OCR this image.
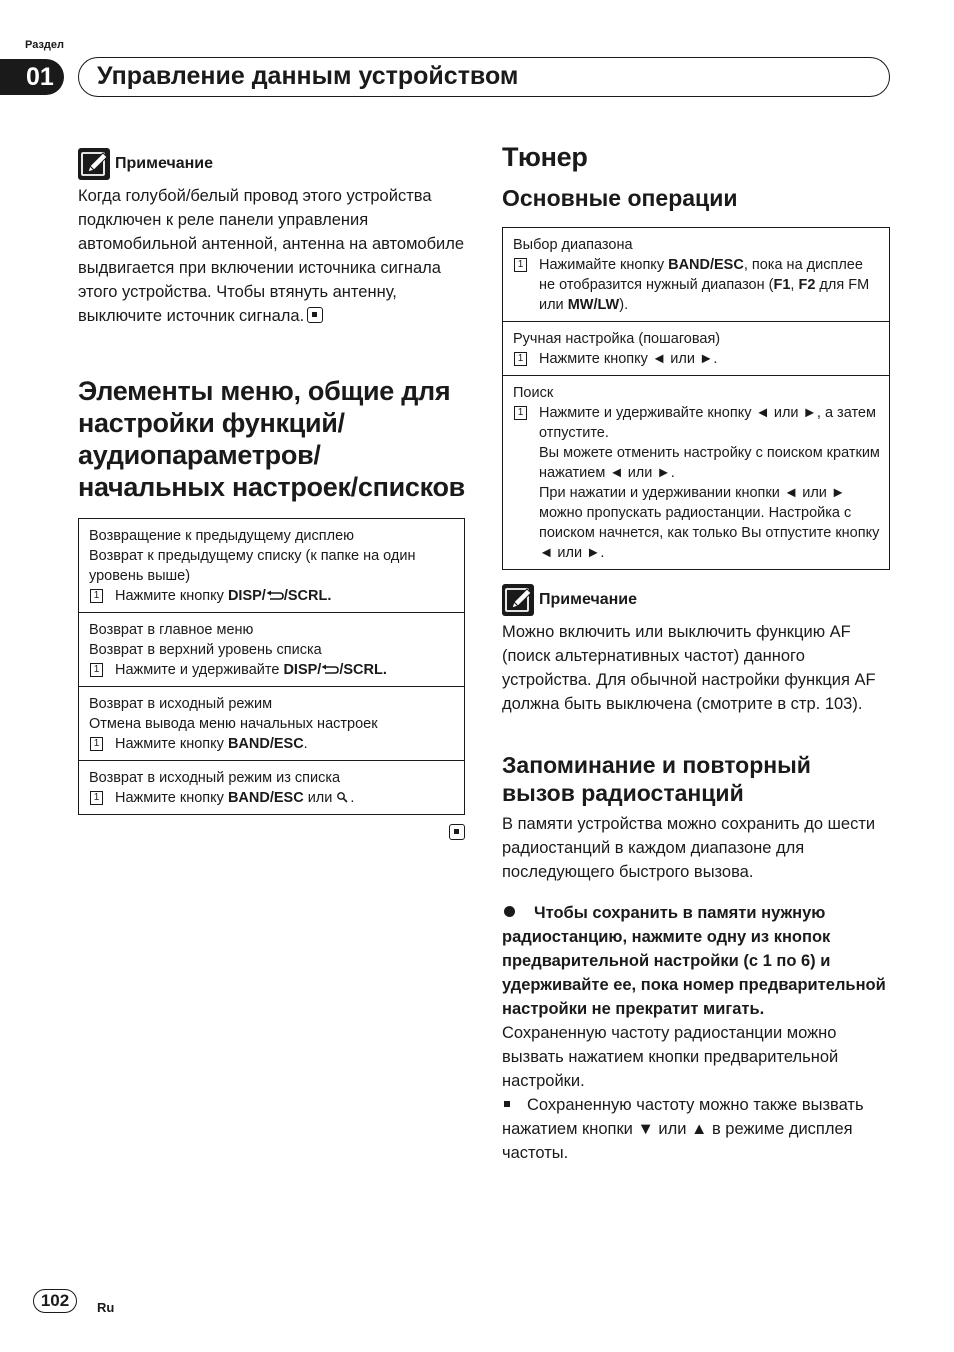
Раздел
01	Управление данным устройством
Примечание
Когда голубой/белый провод этого устройства подключен к реле панели управления автомобильной антенной, антенна на автомобиле выдвигается при включении источника сигнала этого устройства. Чтобы втянуть антенну, выключите источник сигнала.
Элементы меню, общие для настройки функций/аудиопараметров/начальных настроек/списков
Возвращение к предыдущему дисплею
Возврат к предыдущему списку (к папке на один уровень выше)
1 Нажмите кнопку DISP/ /SCRL.
Возврат в главное меню
Возврат в верхний уровень списка
1 Нажмите и удерживайте DISP/ /SCRL.
Возврат в исходный режим
Отмена вывода меню начальных настроек
1 Нажмите кнопку BAND/ESC.
Возврат в исходный режим из списка
1 Нажмите кнопку BAND/ESC или .
Тюнер
Основные операции
Выбор диапазона
1 Нажимайте кнопку BAND/ESC, пока на дисплее не отобразится нужный диапазон (F1, F2 для FM или MW/LW).
Ручная настройка (пошаговая)
1 Нажмите кнопку ◄ или ►.
Поиск
1 Нажмите и удерживайте кнопку ◄ или ►, а затем отпустите.
Вы можете отменить настройку с поиском кратким нажатием ◄ или ►.
При нажатии и удерживании кнопки ◄ или ► можно пропускать радиостанции. Настройка с поиском начнется, как только Вы отпустите кнопку ◄ или ►.
Примечание
Можно включить или выключить функцию AF (поиск альтернативных частот) данного устройства. Для обычной настройки функция AF должна быть выключена (смотрите в стр. 103).
Запоминание и повторный вызов радиостанций
В памяти устройства можно сохранить до шести радиостанций в каждом диапазоне для последующего быстрого вызова.
Чтобы сохранить в памяти нужную радиостанцию, нажмите одну из кнопок предварительной настройки (с 1 по 6) и удерживайте ее, пока номер предварительной настройки не прекратит мигать.
Сохраненную частоту радиостанции можно вызвать нажатием кнопки предварительной настройки.
Сохраненную частоту можно также вызвать нажатием кнопки ▼ или ▲ в режиме дисплея частоты.
102	Ru
